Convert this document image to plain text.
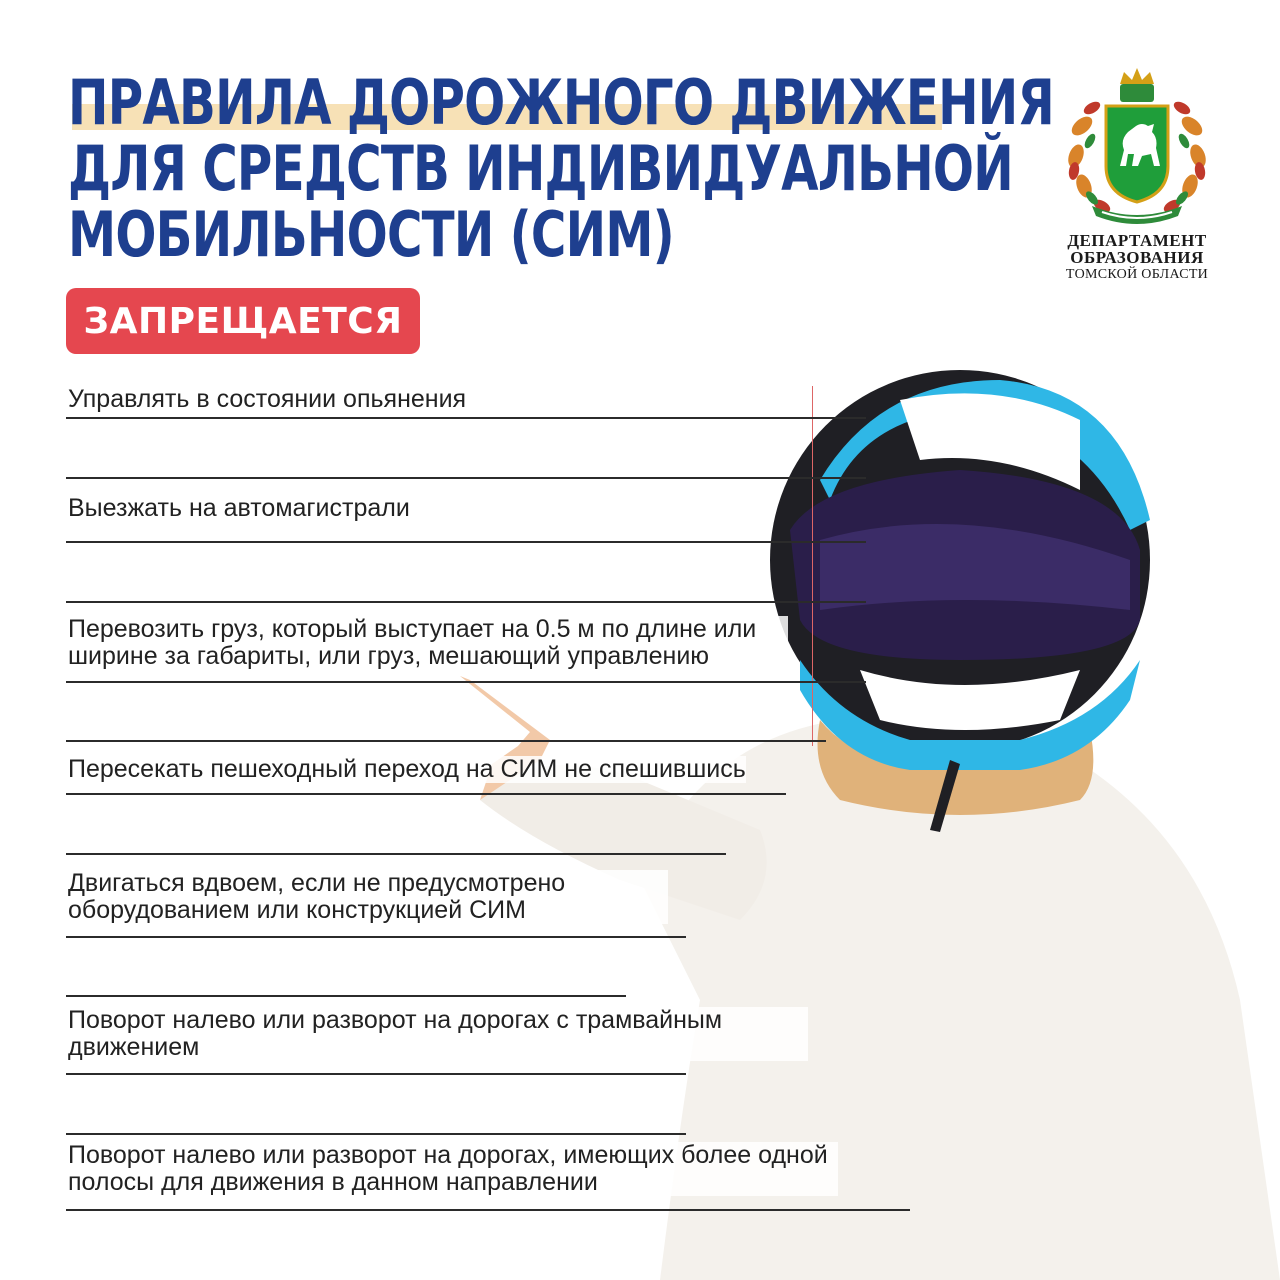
ПРАВИЛА ДОРОЖНОГО ДВИЖЕНИЯ
ДЛЯ СРЕДСТВ ИНДИВИДУАЛЬНОЙ
МОБИЛЬНОСТИ (СИМ)
ЗАПРЕЩАЕТСЯ
ДЕПАРТАМЕНТ
ОБРАЗОВАНИЯ
ТОМСКОЙ ОБЛАСТИ
Управлять в состоянии опьянения
Выезжать на автомагистрали
Перевозить груз, который выступает на 0.5 м по длине или ширине за габариты, или груз, мешающий управлению
Пересекать пешеходный переход на СИМ не спешившись
Двигаться вдвоем, если не предусмотрено оборудованием или конструкцией СИМ
Поворот налево или разворот на дорогах с трамвайным движением
Поворот налево или разворот на дорогах, имеющих более одной полосы для движения в данном направлении
